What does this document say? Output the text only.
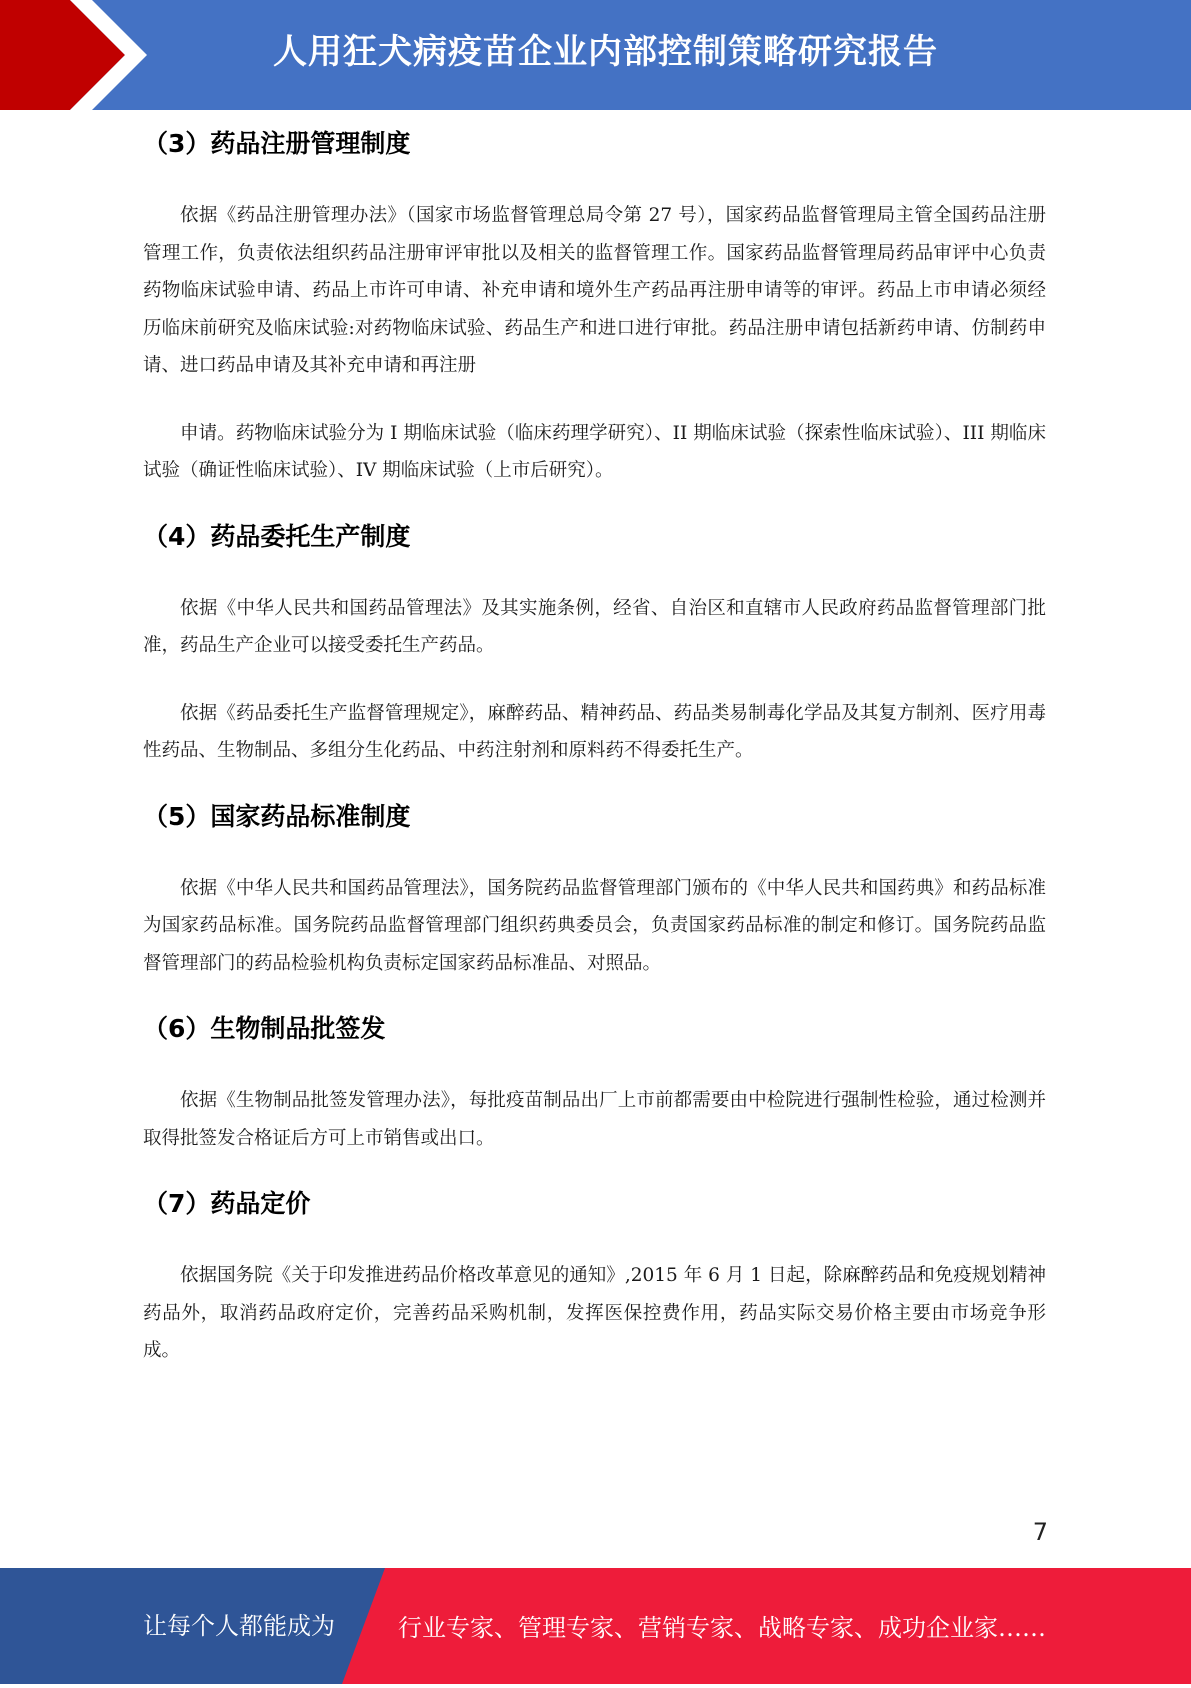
人用狂犬病疫苗企业内部控制策略研究报告
（3）药品注册管理制度

依据《药品注册管理办法》（国家市场监督管理总局令第 27 号），国家药品监督管理局主管全国药品注册管理工作，负责依法组织药品注册审评审批以及相关的监督管理工作。国家药品监督管理局药品审评中心负责药物临床试验申请、药品上市许可申请、补充申请和境外生产药品再注册申请等的审评。药品上市申请必须经历临床前研究及临床试验:对药物临床试验、药品生产和进口进行审批。药品注册申请包括新药申请、仿制药申请、进口药品申请及其补充申请和再注册

申请。药物临床试验分为 I 期临床试验（临床药理学研究）、II 期临床试验（探索性临床试验）、III 期临床试验（确证性临床试验）、IV 期临床试验（上市后研究）。

（4）药品委托生产制度

依据《中华人民共和国药品管理法》及其实施条例，经省、自治区和直辖市人民政府药品监督管理部门批准，药品生产企业可以接受委托生产药品。

依据《药品委托生产监督管理规定》，麻醉药品、精神药品、药品类易制毒化学品及其复方制剂、医疗用毒性药品、生物制品、多组分生化药品、中药注射剂和原料药不得委托生产。

（5）国家药品标准制度

依据《中华人民共和国药品管理法》，国务院药品监督管理部门颁布的《中华人民共和国药典》和药品标准为国家药品标准。国务院药品监督管理部门组织药典委员会，负责国家药品标准的制定和修订。国务院药品监督管理部门的药品检验机构负责标定国家药品标准品、对照品。

（6）生物制品批签发

依据《生物制品批签发管理办法》，每批疫苗制品出厂上市前都需要由中检院进行强制性检验，通过检测并取得批签发合格证后方可上市销售或出口。

（7）药品定价

依据国务院《关于印发推进药品价格改革意见的通知》,2015 年 6 月 1 日起，除麻醉药品和免疫规划精神药品外，取消药品政府定价，完善药品采购机制，发挥医保控费作用，药品实际交易价格主要由市场竞争形成。

7
让每个人都能成为	行业专家、管理专家、营销专家、战略专家、成功企业家……
